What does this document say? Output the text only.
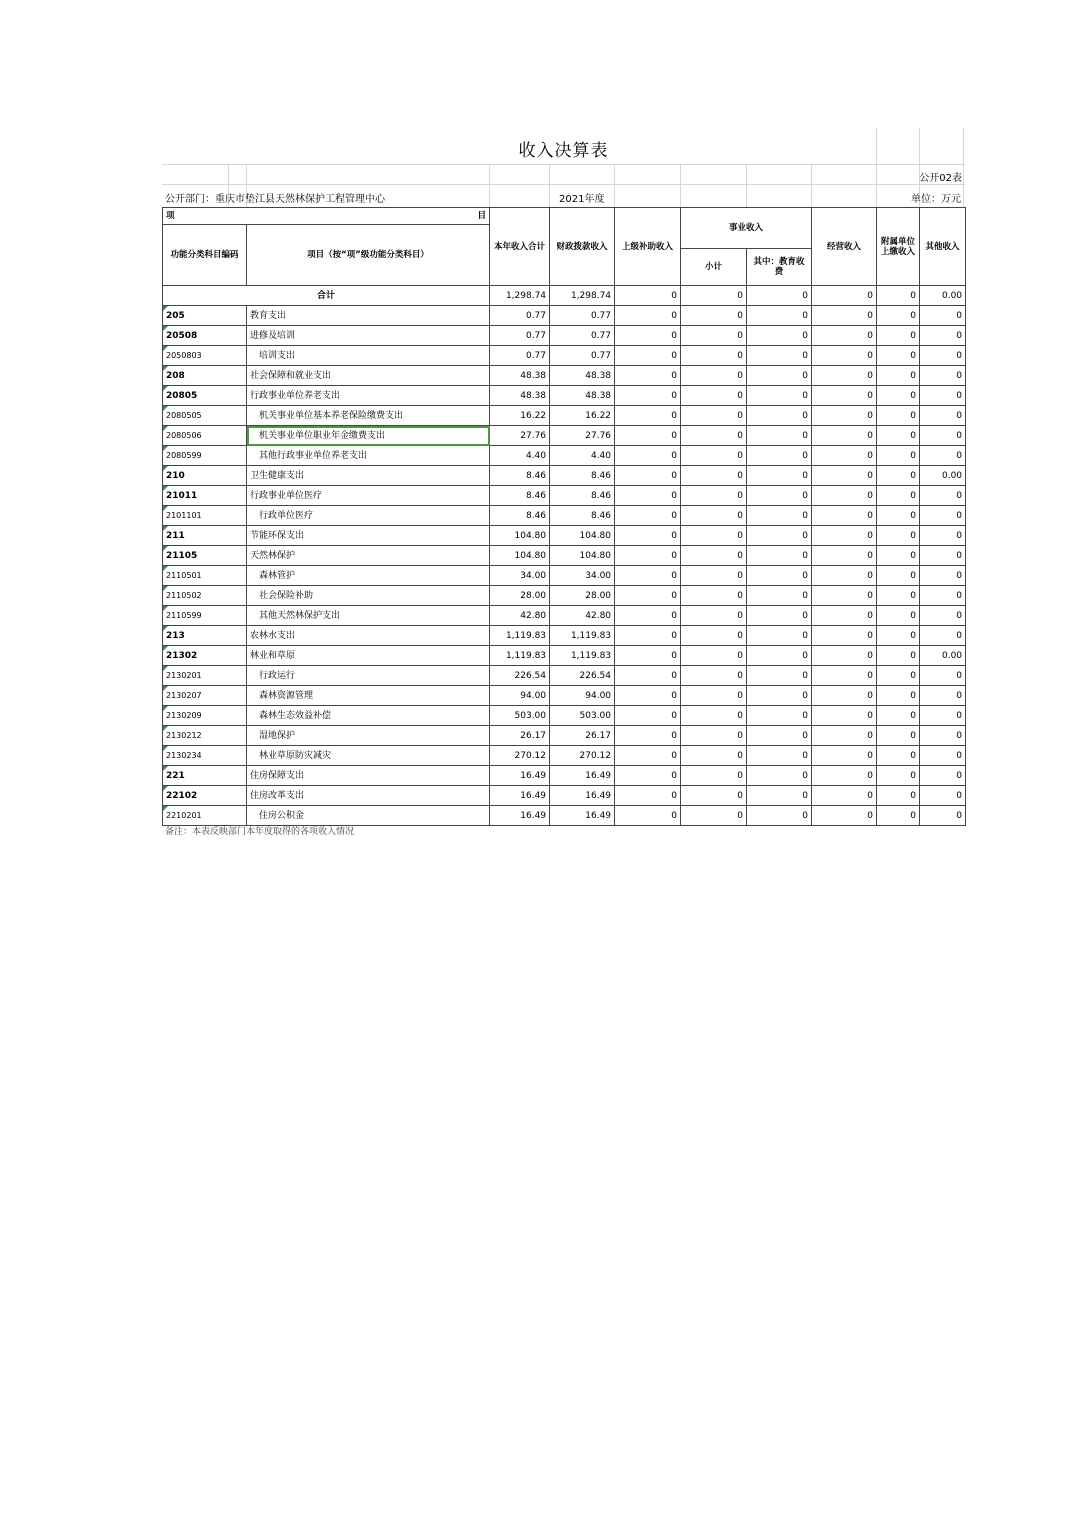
收入决算表
公开02表
公开部门：重庆市垫江县天然林保护工程管理中心	2021年度	单位：万元
项 目		本年收入合计	财政拨款收入	上级补助收入	事业收入		经营收入	附属单位上缴收入	其他收入
功能分类科目编码	项目（按“项”级功能分类科目）								
					小计	其中：教育收费			
合计		1,298.74	1,298.74	0	0	0	0	0	0.00
205	教育支出	0.77	0.77	0	0	0	0	0	0
20508	进修及培训	0.77	0.77	0	0	0	0	0	0
2050803	培训支出	0.77	0.77	0	0	0	0	0	0
208	社会保障和就业支出	48.38	48.38	0	0	0	0	0	0
20805	行政事业单位养老支出	48.38	48.38	0	0	0	0	0	0
2080505	机关事业单位基本养老保险缴费支出	16.22	16.22	0	0	0	0	0	0
2080506	机关事业单位职业年金缴费支出	27.76	27.76	0	0	0	0	0	0
2080599	其他行政事业单位养老支出	4.40	4.40	0	0	0	0	0	0
210	卫生健康支出	8.46	8.46	0	0	0	0	0	0.00
21011	行政事业单位医疗	8.46	8.46	0	0	0	0	0	0
2101101	行政单位医疗	8.46	8.46	0	0	0	0	0	0
211	节能环保支出	104.80	104.80	0	0	0	0	0	0
21105	天然林保护	104.80	104.80	0	0	0	0	0	0
2110501	森林管护	34.00	34.00	0	0	0	0	0	0
2110502	社会保险补助	28.00	28.00	0	0	0	0	0	0
2110599	其他天然林保护支出	42.80	42.80	0	0	0	0	0	0
213	农林水支出	1,119.83	1,119.83	0	0	0	0	0	0
21302	林业和草原	1,119.83	1,119.83	0	0	0	0	0	0.00
2130201	行政运行	226.54	226.54	0	0	0	0	0	0
2130207	森林资源管理	94.00	94.00	0	0	0	0	0	0
2130209	森林生态效益补偿	503.00	503.00	0	0	0	0	0	0
2130212	湿地保护	26.17	26.17	0	0	0	0	0	0
2130234	林业草原防灾减灾	270.12	270.12	0	0	0	0	0	0
221	住房保障支出	16.49	16.49	0	0	0	0	0	0
22102	住房改革支出	16.49	16.49	0	0	0	0	0	0
2210201	住房公积金	16.49	16.49	0	0	0	0	0	0
备注：本表反映部门本年度取得的各项收入情况
